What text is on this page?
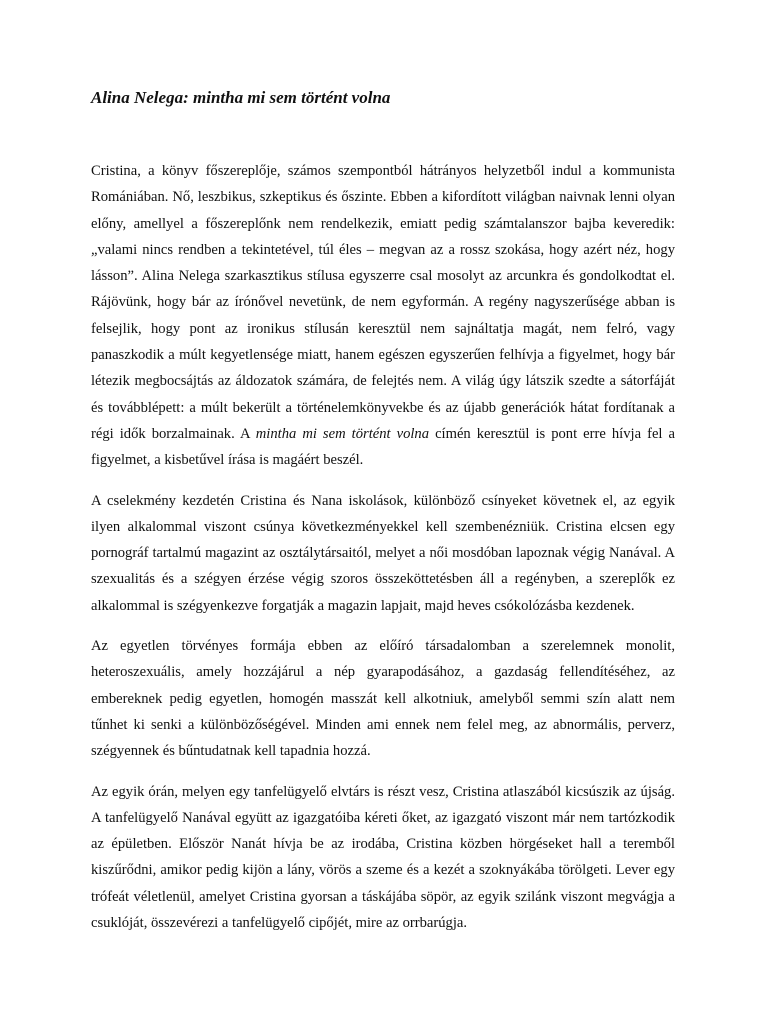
Alina Nelega: mintha mi sem történt volna

Cristina, a könyv főszereplője, számos szempontból hátrányos helyzetből indul a kommunista Romániában. Nő, leszbikus, szkeptikus és őszinte. Ebben a kifordított világban naivnak lenni olyan előny, amellyel a főszereplőnk nem rendelkezik, emiatt pedig számtalanszor bajba keveredik: „valami nincs rendben a tekintetével, túl éles – megvan az a rossz szokása, hogy azért néz, hogy lásson”. Alina Nelega szarkasztikus stílusa egyszerre csal mosolyt az arcunkra és gondolkodtat el. Rájövünk, hogy bár az írónővel nevetünk, de nem egyformán. A regény nagyszerűsége abban is felsejlik, hogy pont az ironikus stílusán keresztül nem sajnáltatja magát, nem felró, vagy panaszkodik a múlt kegyetlensége miatt, hanem egészen egyszerűen felhívja a figyelmet, hogy bár létezik megbocsájtás az áldozatok számára, de felejtés nem. A világ úgy látszik szedte a sátorfáját és továbblépett: a múlt bekerült a történelemkönyvekbe és az újabb generációk hátat fordítanak a régi idők borzalmainak. A mintha mi sem történt volna címén keresztül is pont erre hívja fel a figyelmet, a kisbetűvel írása is magáért beszél.

A cselekmény kezdetén Cristina és Nana iskolások, különböző csínyeket követnek el, az egyik ilyen alkalommal viszont csúnya következményekkel kell szembenézniük. Cristina elcsen egy pornográf tartalmú magazint az osztálytársaitól, melyet a női mosdóban lapoznak végig Nanával. A szexualitás és a szégyen érzése végig szoros összeköttetésben áll a regényben, a szereplők ez alkalommal is szégyenkezve forgatják a magazin lapjait, majd heves csókolózásba kezdenek.

Az egyetlen törvényes formája ebben az előíró társadalomban a szerelemnek monolit, heteroszexuális, amely hozzájárul a nép gyarapodásához, a gazdaság fellendítéséhez, az embereknek pedig egyetlen, homogén masszát kell alkotniuk, amelyből semmi szín alatt nem tűnhet ki senki a különbözőségével. Minden ami ennek nem felel meg, az abnormális, perverz, szégyennek és bűntudatnak kell tapadnia hozzá.

Az egyik órán, melyen egy tanfelügyelő elvtárs is részt vesz, Cristina atlaszából kicsúszik az újság. A tanfelügyelő Nanával együtt az igazgatóiba kéreti őket, az igazgató viszont már nem tartózkodik az épületben. Először Nanát hívja be az irodába, Cristina közben hörgéseket hall a teremből kiszűrődni, amikor pedig kijön a lány, vörös a szeme és a kezét a szoknyákába törölgeti. Lever egy trófeát véletlenül, amelyet Cristina gyorsan a táskájába söpör, az egyik szilánk viszont megvágja a csuklóját, összevérezi a tanfelügyelő cipőjét, mire az orrbarúgja.
